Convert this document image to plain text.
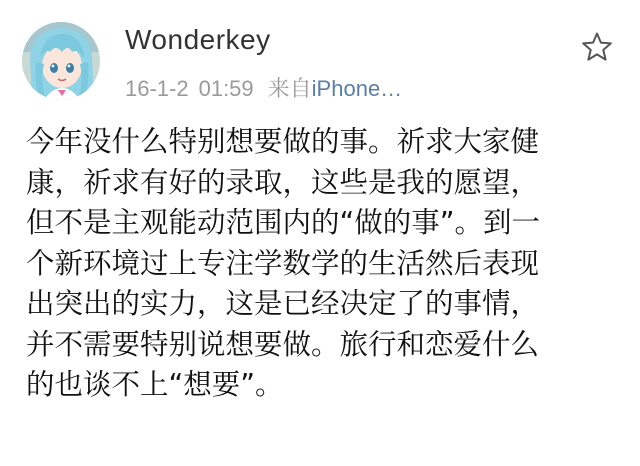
Wonderkey
16-1-2 01:59 来自iPhone…
今年没什么特别想要做的事。祈求大家健
康，祈求有好的录取，这些是我的愿望，
但不是主观能动范围内的“做的事”。到一
个新环境过上专注学数学的生活然后表现
出突出的实力，这是已经决定了的事情，
并不需要特别说想要做。旅行和恋爱什么
的也谈不上“想要”。
